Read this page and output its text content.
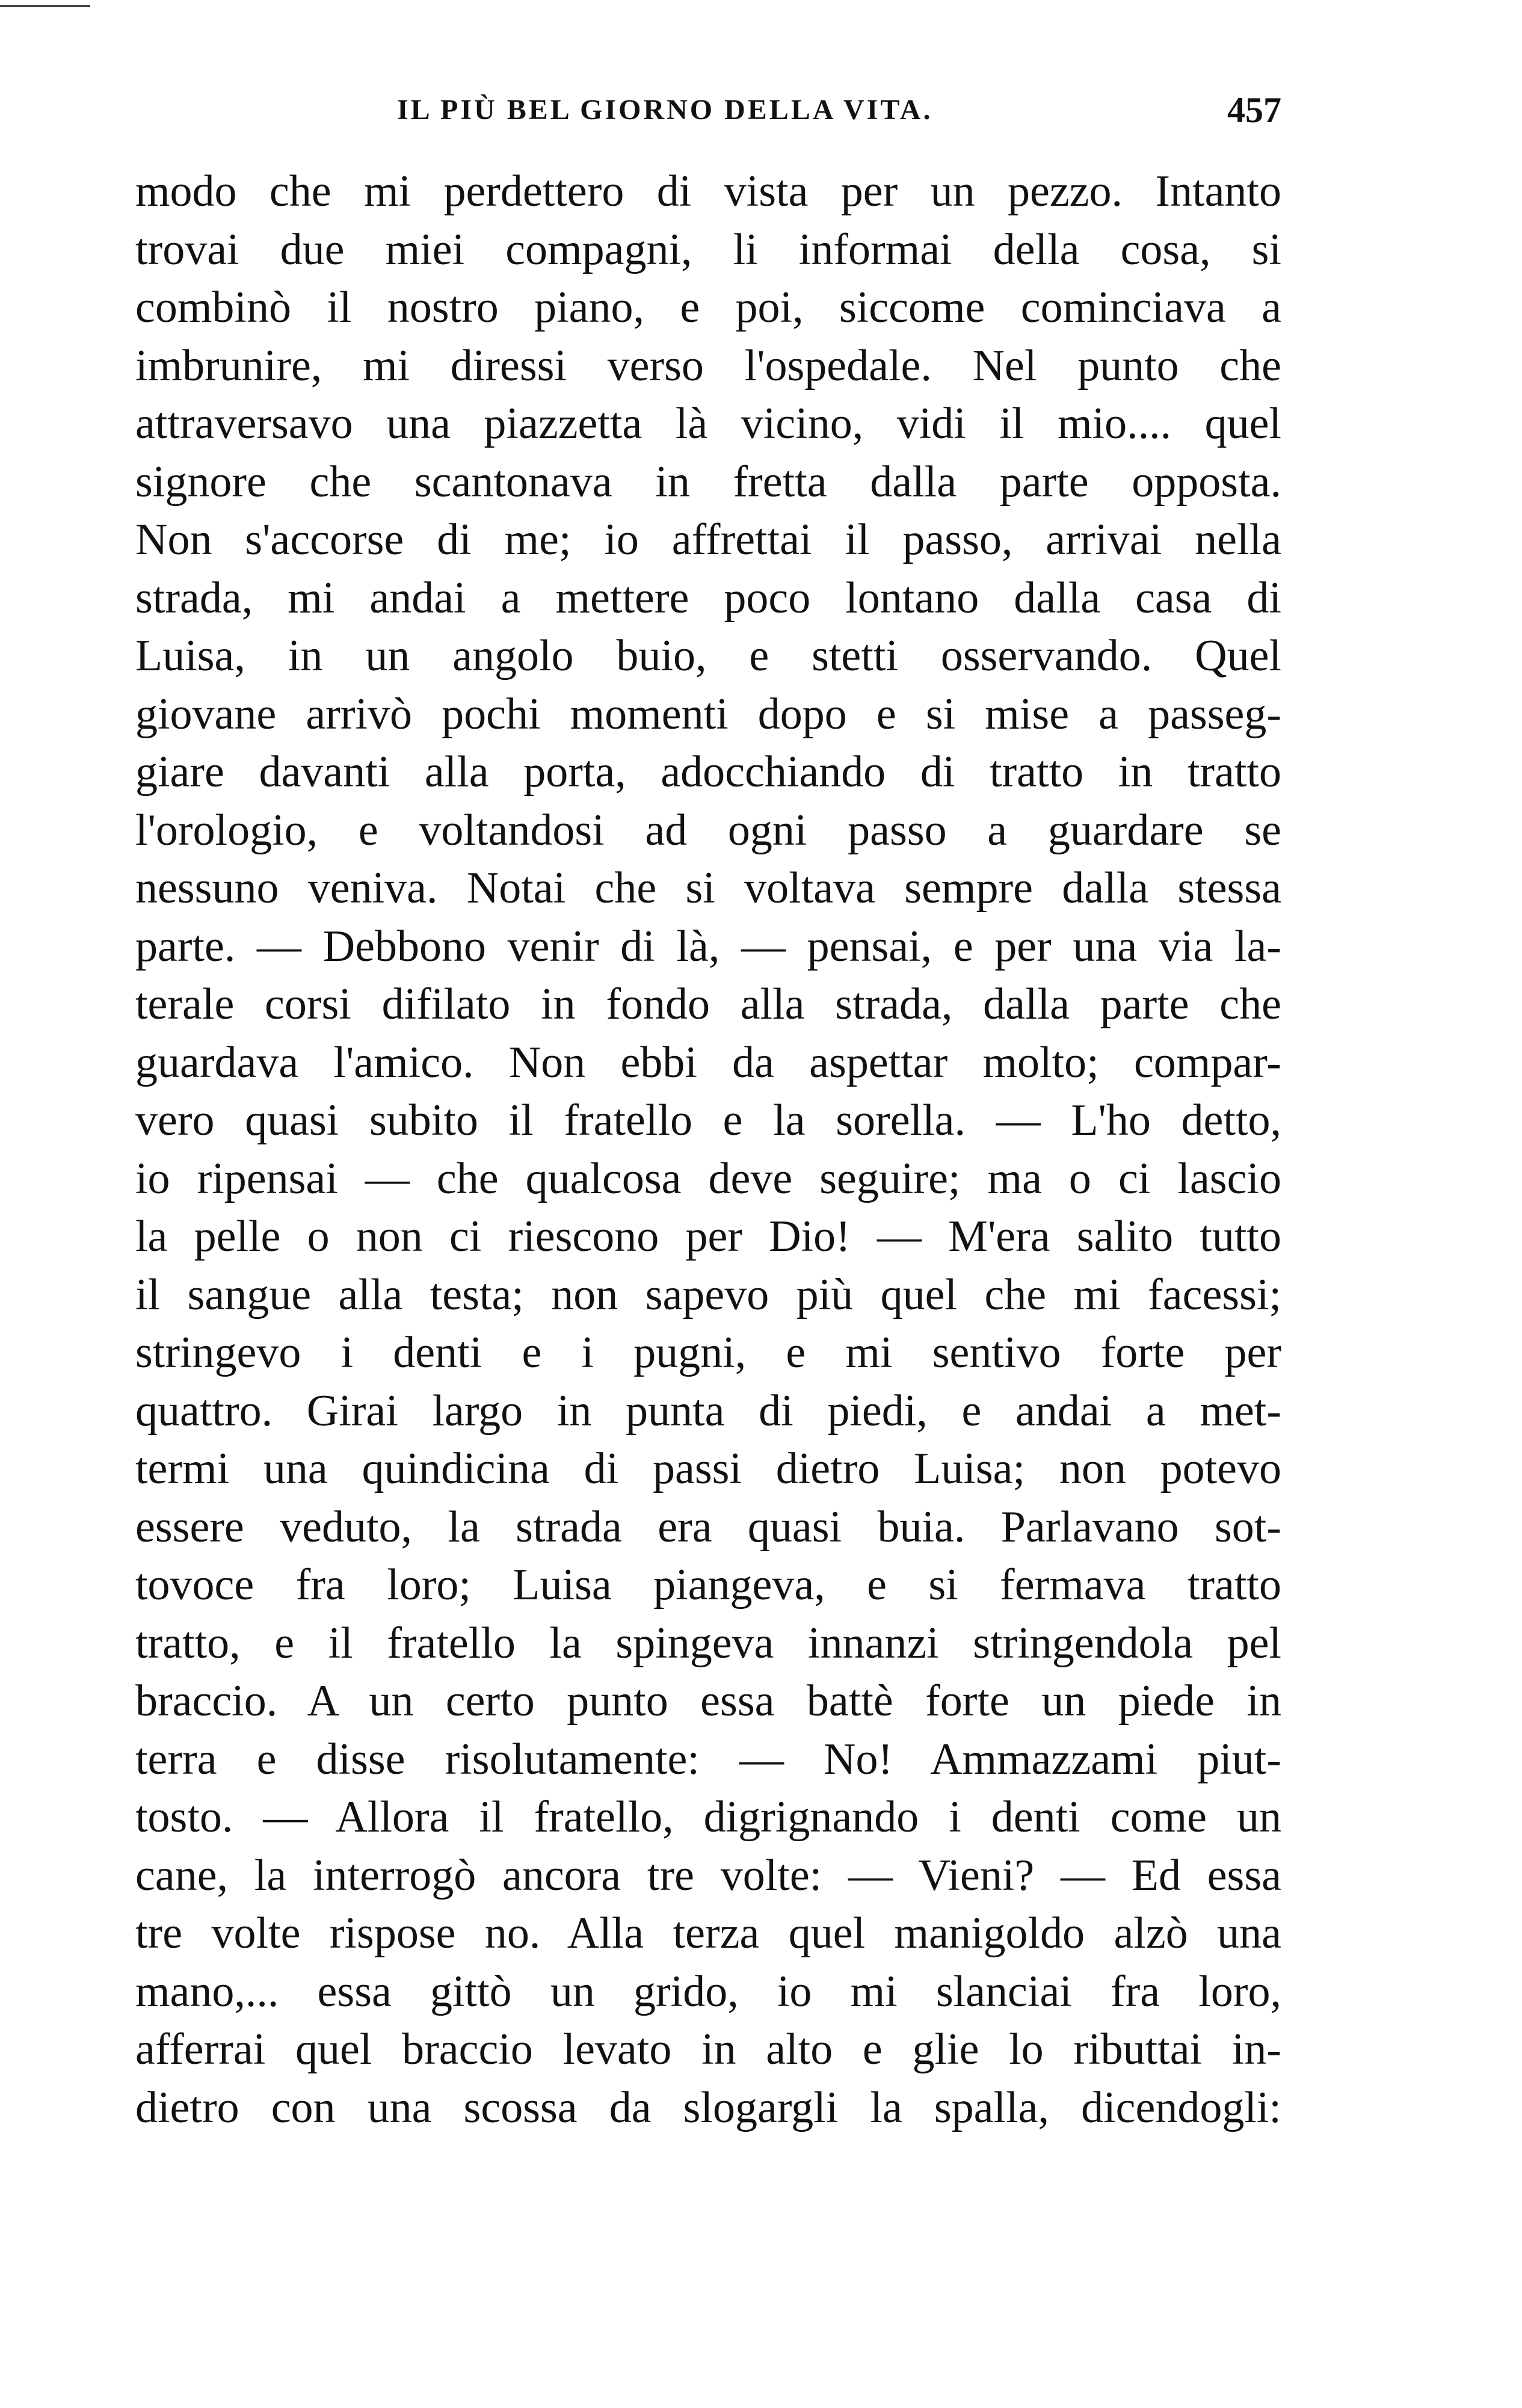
IL PIÙ BEL GIORNO DELLA VITA.	457
modo che mi perdettero di vista per un pezzo. Intanto
trovai due miei compagni, li informai della cosa, si
combinò il nostro piano, e poi, siccome cominciava a
imbrunire, mi diressi verso l'ospedale. Nel punto che
attraversavo una piazzetta là vicino, vidi il mio.... quel
signore che scantonava in fretta dalla parte opposta.
Non s'accorse di me; io affrettai il passo, arrivai nella
strada, mi andai a mettere poco lontano dalla casa di
Luisa, in un angolo buio, e stetti osservando. Quel
giovane arrivò pochi momenti dopo e si mise a passeg-
giare davanti alla porta, adocchiando di tratto in tratto
l'orologio, e voltandosi ad ogni passo a guardare se
nessuno veniva. Notai che si voltava sempre dalla stessa
parte. — Debbono venir di là, — pensai, e per una via la-
terale corsi difilato in fondo alla strada, dalla parte che
guardava l'amico. Non ebbi da aspettar molto; compar-
vero quasi subito il fratello e la sorella. — L'ho detto,
io ripensai — che qualcosa deve seguire; ma o ci lascio
la pelle o non ci riescono per Dio! — M'era salito tutto
il sangue alla testa; non sapevo più quel che mi facessi;
stringevo i denti e i pugni, e mi sentivo forte per
quattro. Girai largo in punta di piedi, e andai a met-
termi una quindicina di passi dietro Luisa; non potevo
essere veduto, la strada era quasi buia. Parlavano sot-
tovoce fra loro; Luisa piangeva, e si fermava tratto
tratto, e il fratello la spingeva innanzi stringendola pel
braccio. A un certo punto essa battè forte un piede in
terra e disse risolutamente: — No! Ammazzami piut-
tosto. — Allora il fratello, digrignando i denti come un
cane, la interrogò ancora tre volte: — Vieni? — Ed essa
tre volte rispose no. Alla terza quel manigoldo alzò una
mano,... essa gittò un grido, io mi slanciai fra loro,
afferrai quel braccio levato in alto e glie lo ributtai in-
dietro con una scossa da slogargli la spalla, dicendogli:
